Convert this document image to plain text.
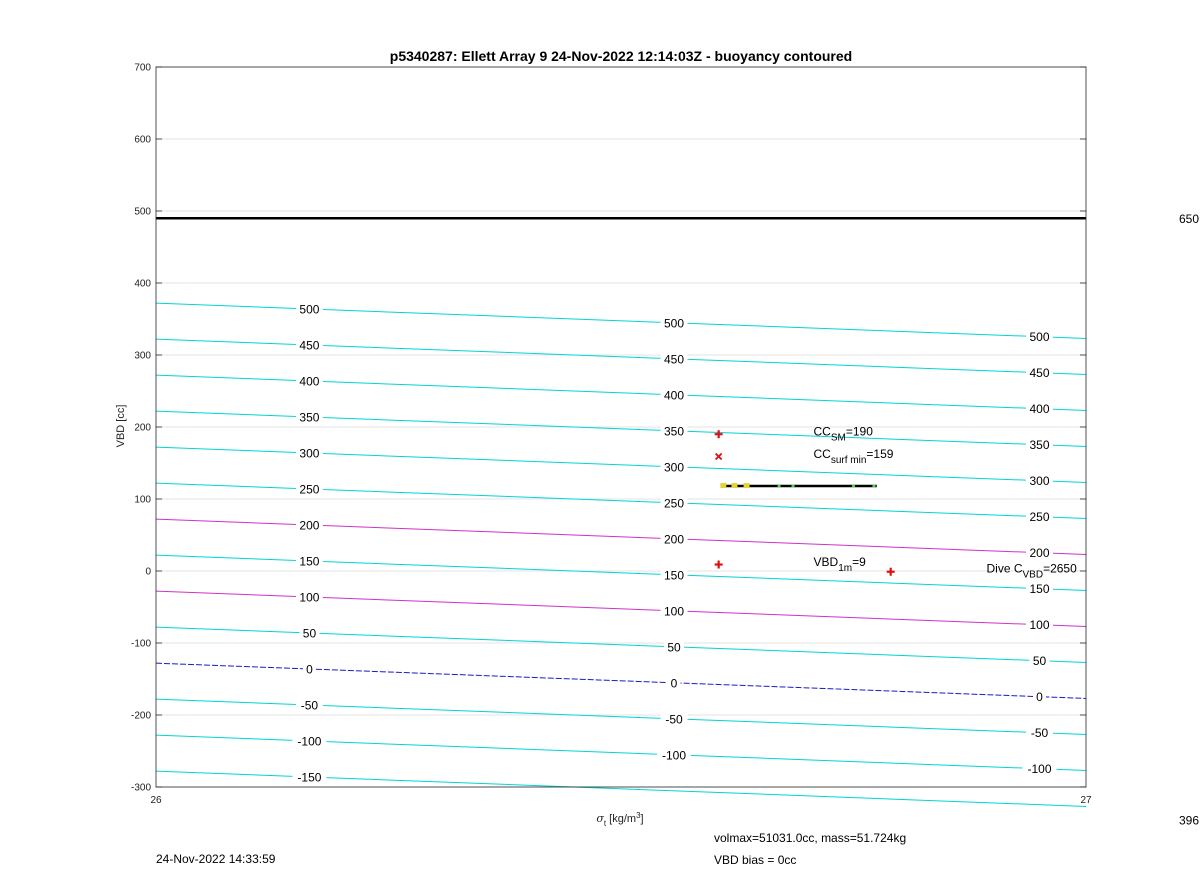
p5340287: Ellett Array 9 24-Nov-2022 12:14:03Z - buoyancy contoured
500
500
500
450
450
450
400
400
400
350
350
350
300
300
300
250
250
250
200
200
200
150
150
150
100
100
100
50
50
50
0
0
0
-50
-50
-50
-100
-100
-100
-150
$CC_{SM}=190$
$CC_{surf min}=159$
$VBD_{1m}=9$	Dive $C_{VBD}=2650$
700
600
500
400
300
200
100
0
-100
-200
-300
26	27
650
396
VBD [cc]
$\sigma_t$ $[kg/m^3]$
24-Nov-2022 14:33:59
volmax=51031.0cc, mass=51.724kg
VBD bias = 0cc
